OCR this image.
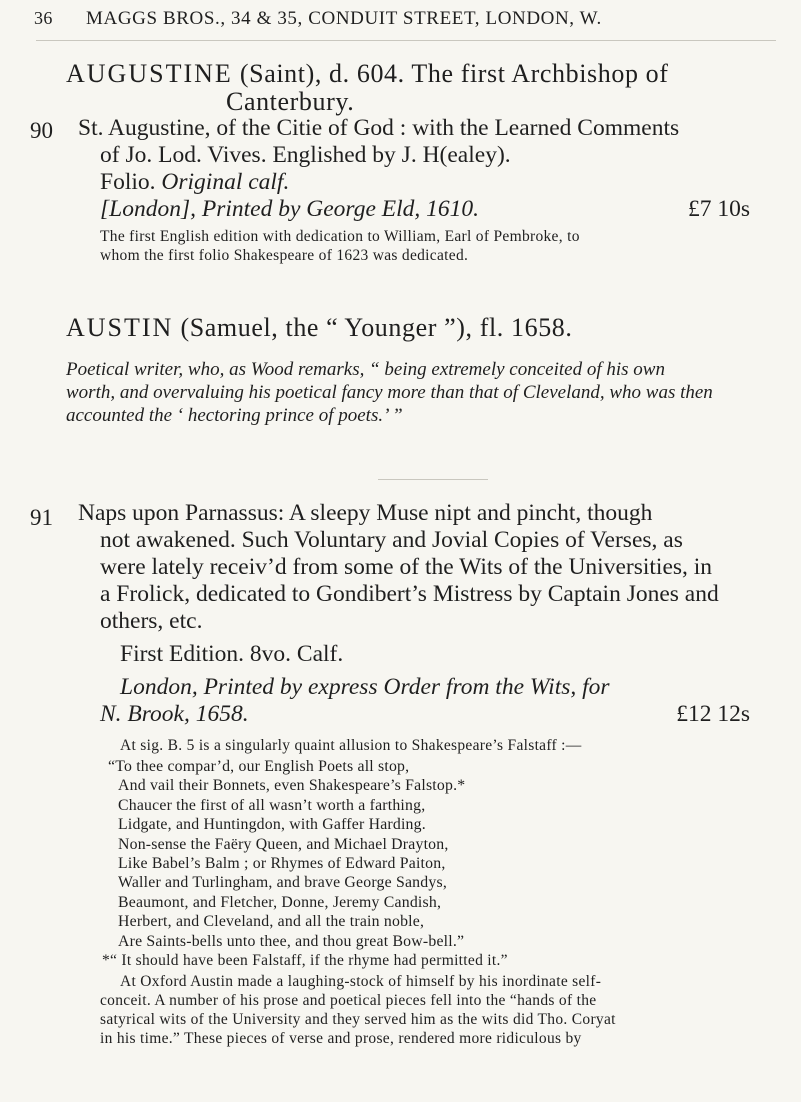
36 MAGGS BROS., 34 & 35, CONDUIT STREET, LONDON, W.
AUGUSTINE (Saint), d. 604. The first Archbishop of
Canterbury.
90 St. Augustine, of the Citie of God : with the Learned Comments
of Jo. Lod. Vives. Englished by J. H(ealey).
Folio. Original calf.
[London], Printed by George Eld, 1610.	£7 10s
The first English edition with dedication to William, Earl of Pembroke, to
whom the first folio Shakespeare of 1623 was dedicated.
AUSTIN (Samuel, the “ Younger ”), fl. 1658.
Poetical writer, who, as Wood remarks, “ being extremely conceited of his own
worth, and overvaluing his poetical fancy more than that of Cleveland, who was then
accounted the ‘ hectoring prince of poets.’ ”
91 Naps upon Parnassus: A sleepy Muse nipt and pincht, though
not awakened. Such Voluntary and Jovial Copies of Verses, as
were lately receiv’d from some of the Wits of the Universities, in
a Frolick, dedicated to Gondibert’s Mistress by Captain Jones and
others, etc.
First Edition. 8vo. Calf.
London, Printed by express Order from the Wits, for
N. Brook, 1658.	£12 12s
At sig. B. 5 is a singularly quaint allusion to Shakespeare’s Falstaff :—
“To thee compar’d, our English Poets all stop,
And vail their Bonnets, even Shakespeare’s Falstop.*
Chaucer the first of all wasn’t worth a farthing,
Lidgate, and Huntingdon, with Gaffer Harding.
Non-sense the Faëry Queen, and Michael Drayton,
Like Babel’s Balm ; or Rhymes of Edward Paiton,
Waller and Turlingham, and brave George Sandys,
Beaumont, and Fletcher, Donne, Jeremy Candish,
Herbert, and Cleveland, and all the train noble,
Are Saints-bells unto thee, and thou great Bow-bell.”
*“ It should have been Falstaff, if the rhyme had permitted it.”
At Oxford Austin made a laughing-stock of himself by his inordinate self-
conceit. A number of his prose and poetical pieces fell into the “hands of the
satyrical wits of the University and they served him as the wits did Tho. Coryat
in his time.” These pieces of verse and prose, rendered more ridiculous by
